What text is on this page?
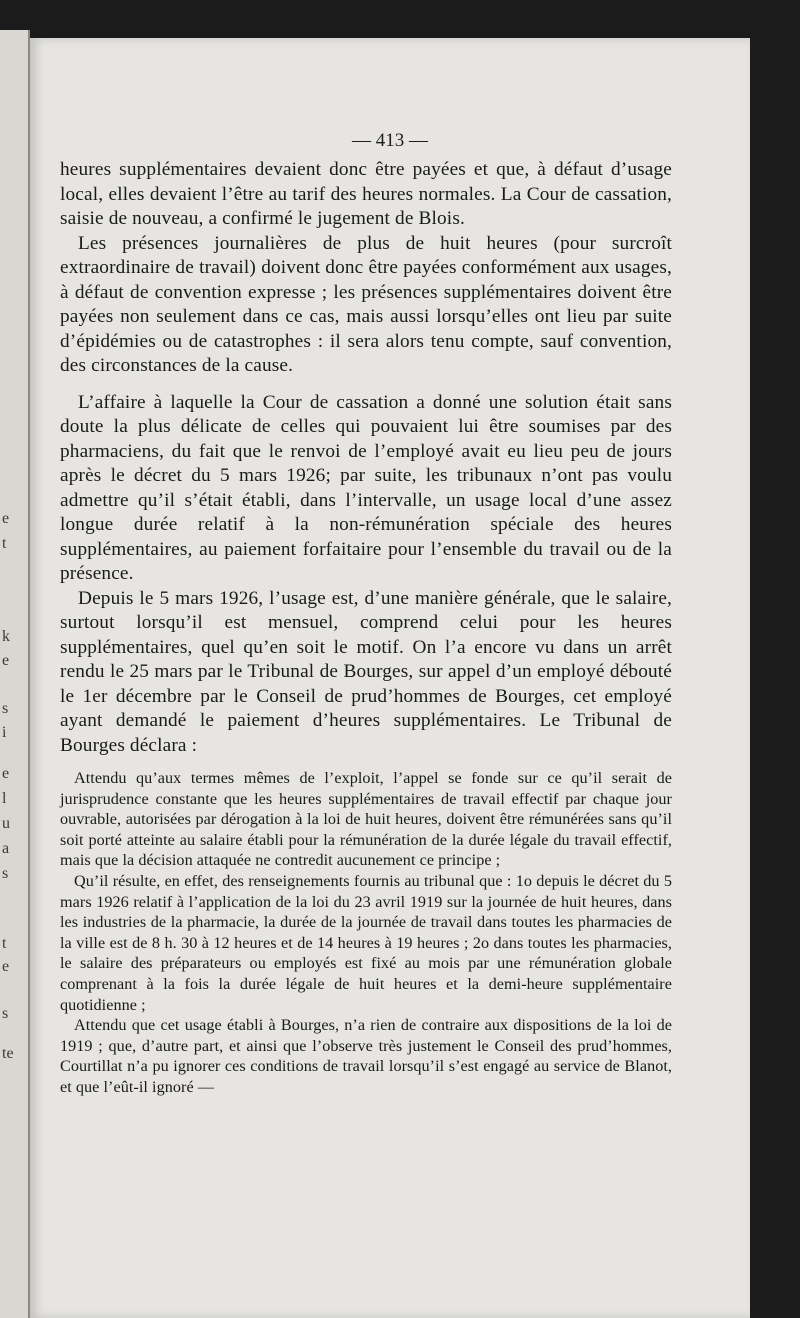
e
t
k
e
s
i
e
l
u
a
s
t
e
s
te
— 413 —

heures supplémentaires devaient donc être payées et que, à défaut d’usage local, elles devaient l’être au tarif des heures normales. La Cour de cassation, saisie de nouveau, a confirmé le jugement de Blois.

Les présences journalières de plus de huit heures (pour surcroît extraordinaire de travail) doivent donc être payées conformément aux usages, à défaut de convention expresse ; les présences supplémentaires doivent être payées non seulement dans ce cas, mais aussi lorsqu’elles ont lieu par suite d’épidémies ou de catastrophes : il sera alors tenu compte, sauf convention, des circonstances de la cause.

L’affaire à laquelle la Cour de cassation a donné une solution était sans doute la plus délicate de celles qui pouvaient lui être soumises par des pharmaciens, du fait que le renvoi de l’employé avait eu lieu peu de jours après le décret du 5 mars 1926; par suite, les tribunaux n’ont pas voulu admettre qu’il s’était établi, dans l’intervalle, un usage local d’une assez longue durée relatif à la non-rémunération spéciale des heures supplémentaires, au paiement forfaitaire pour l’ensemble du travail ou de la présence.

Depuis le 5 mars 1926, l’usage est, d’une manière générale, que le salaire, surtout lorsqu’il est mensuel, comprend celui pour les heures supplémentaires, quel qu’en soit le motif. On l’a encore vu dans un arrêt rendu le 25 mars par le Tribunal de Bourges, sur appel d’un employé débouté le 1er décembre par le Conseil de prud’hommes de Bourges, cet employé ayant demandé le paiement d’heures supplémentaires. Le Tribunal de Bourges déclara :

Attendu qu’aux termes mêmes de l’exploit, l’appel se fonde sur ce qu’il serait de jurisprudence constante que les heures supplémentaires de travail effectif par chaque jour ouvrable, autorisées par dérogation à la loi de huit heures, doivent être rémunérées sans qu’il soit porté atteinte au salaire établi pour la rémunération de la durée légale du travail effectif, mais que la décision attaquée ne contredit aucunement ce principe ;

Qu’il résulte, en effet, des renseignements fournis au tribunal que : 1o depuis le décret du 5 mars 1926 relatif à l’application de la loi du 23 avril 1919 sur la journée de huit heures, dans les industries de la pharmacie, la durée de la journée de travail dans toutes les pharmacies de la ville est de 8 h. 30 à 12 heures et de 14 heures à 19 heures ; 2o dans toutes les pharmacies, le salaire des préparateurs ou employés est fixé au mois par une rémunération globale comprenant à la fois la durée légale de huit heures et la demi-heure supplémentaire quotidienne ;

Attendu que cet usage établi à Bourges, n’a rien de contraire aux dispositions de la loi de 1919 ; que, d’autre part, et ainsi que l’observe très justement le Conseil des prud’hommes, Courtillat n’a pu ignorer ces conditions de travail lorsqu’il s’est engagé au service de Blanot, et que l’eût-il ignoré —
